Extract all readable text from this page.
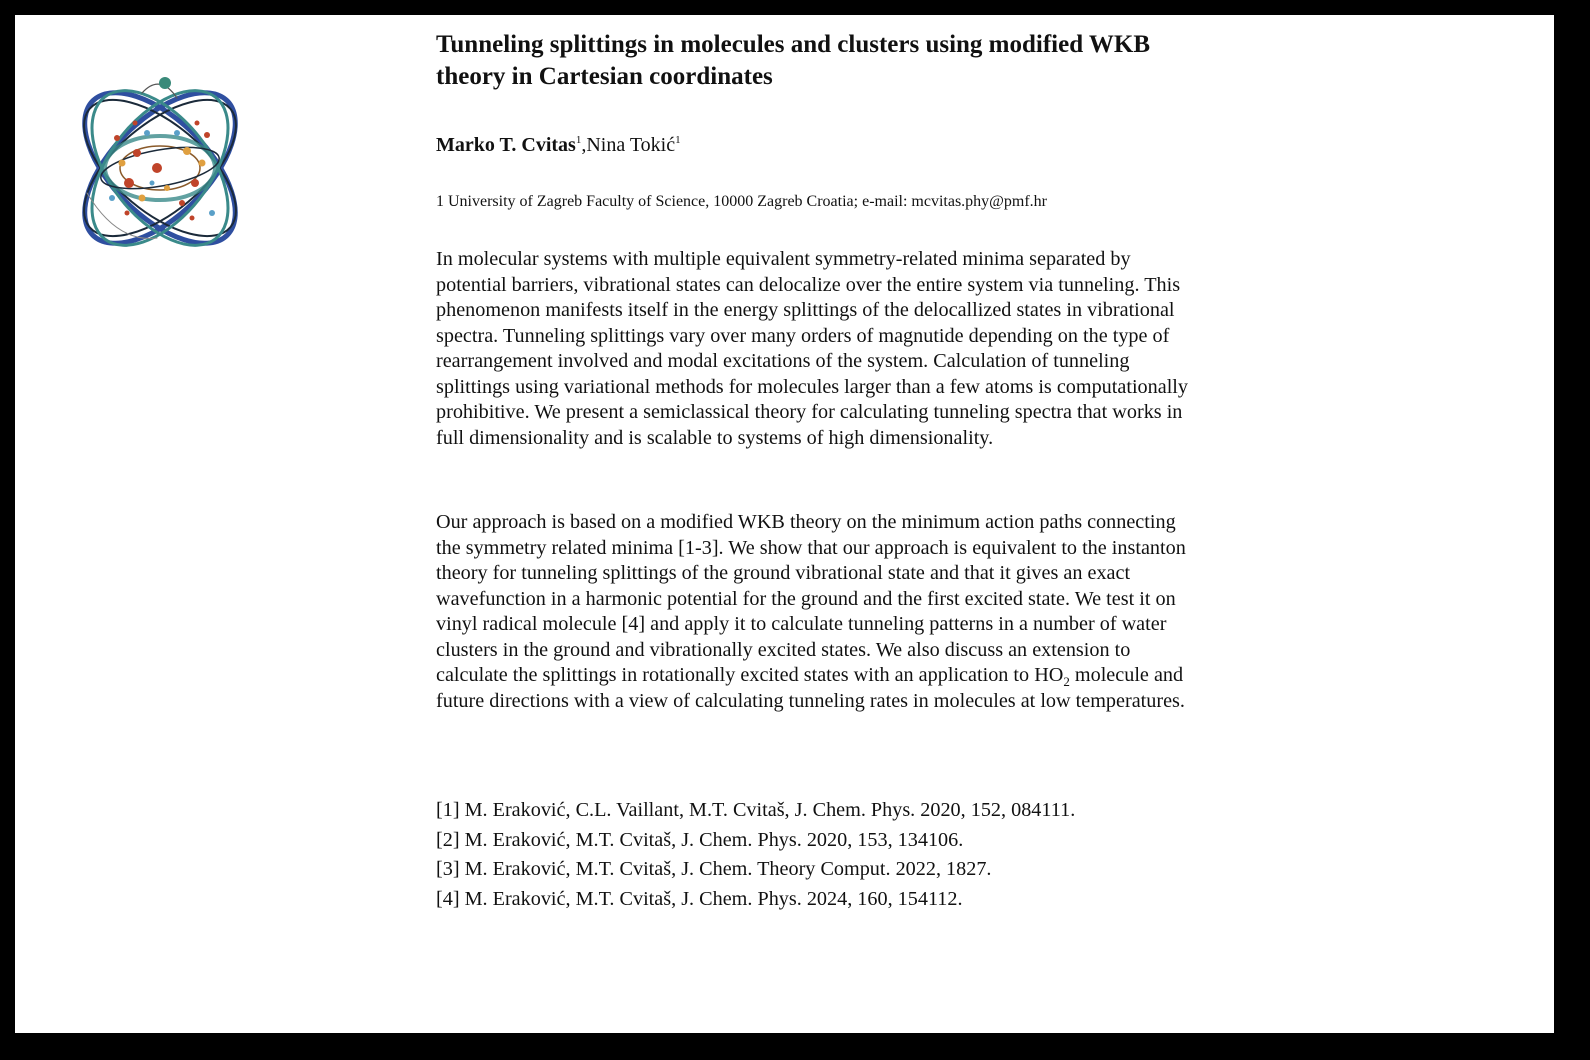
Tunneling splittings in molecules and clusters using modified WKB theory in Cartesian coordinates
Marko T. Cvitas$^1$,Nina Tokić$^1$
1 University of Zagreb Faculty of Science, 10000 Zagreb Croatia; e-mail: mcvitas.phy@pmf.hr

In molecular systems with multiple equivalent symmetry-related minima separated by potential barriers, vibrational states can delocalize over the entire system via tunneling. This phenomenon manifests itself in the energy splittings of the delocallized states in vibrational spectra. Tunneling splittings vary over many orders of magnutide depending on the type of rearrangement involved and modal excitations of the system. Calculation of tunneling splittings using variational methods for molecules larger than a few atoms is computationally prohibitive. We present a semiclassical theory for calculating tunneling spectra that works in full dimensionality and is scalable to systems of high dimensionality.

Our approach is based on a modified WKB theory on the minimum action paths connecting the symmetry related minima [1-3]. We show that our approach is equivalent to the instanton theory for tunneling splittings of the ground vibrational state and that it gives an exact wavefunction in a harmonic potential for the ground and the first excited state. We test it on vinyl radical molecule [4] and apply it to calculate tunneling patterns in a number of water clusters in the ground and vibrationally excited states. We also discuss an extension to calculate the splittings in rotationally excited states with an application to $HO_2$ molecule and future directions with a view of calculating tunneling rates in molecules at low temperatures.

[1] M. Eraković, C.L. Vaillant, M.T. Cvitaš, J. Chem. Phys. 2020, 152, 084111.
[2] M. Eraković, M.T. Cvitaš, J. Chem. Phys. 2020, 153, 134106.
[3] M. Eraković, M.T. Cvitaš, J. Chem. Theory Comput. 2022, 1827.
[4] M. Eraković, M.T. Cvitaš, J. Chem. Phys. 2024, 160, 154112.
